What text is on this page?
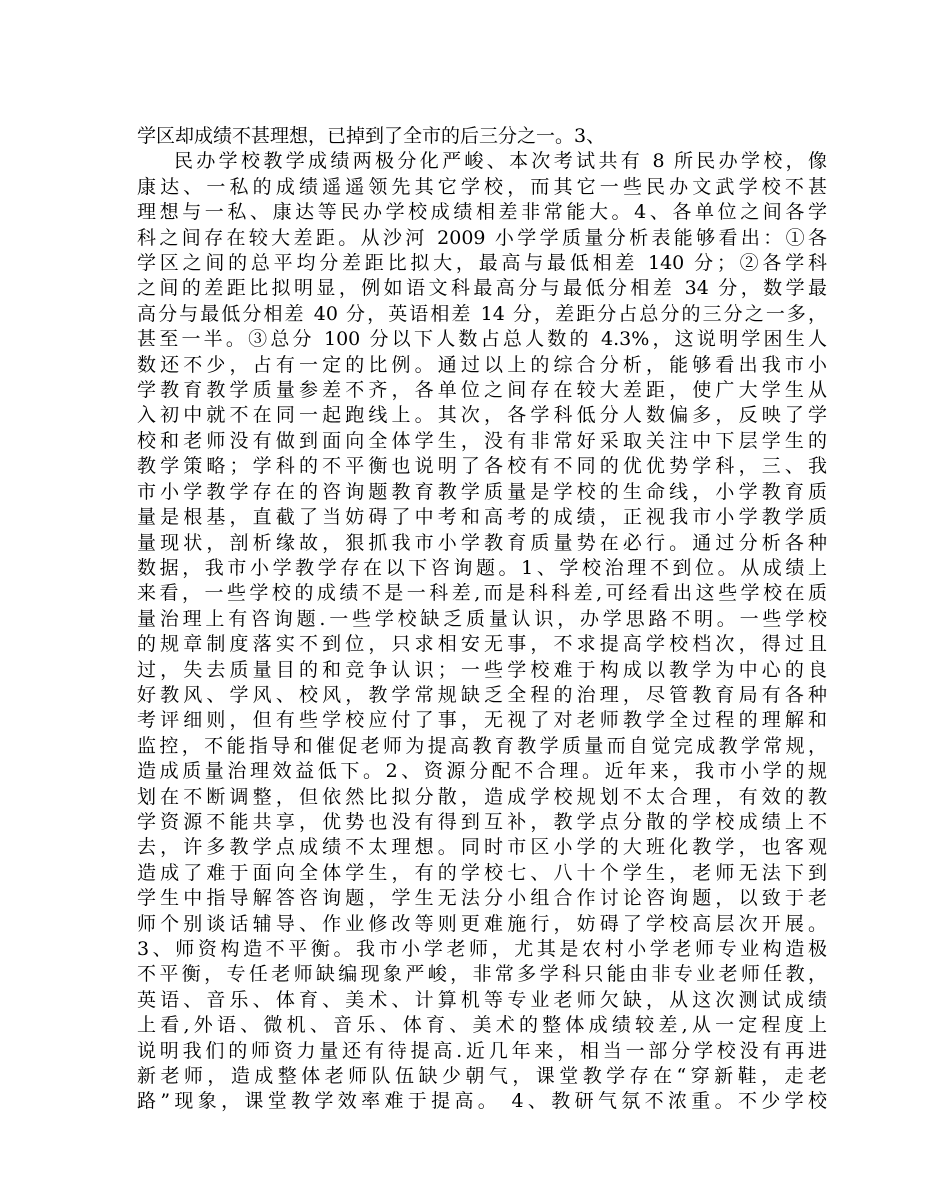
学区却成绩不甚理想，已掉到了全市的后三分之一。3、
民办学校教学成绩两极分化严峻、本次考试共有 8 所民办学校，像
康达、一私的成绩遥遥领先其它学校，而其它一些民办文武学校不甚
理想与一私、康达等民办学校成绩相差非常能大。4、各单位之间各学
科之间存在较大差距。从沙河 2009 小学学质量分析表能够看出：①各
学区之间的总平均分差距比拟大，最高与最低相差 140 分；②各学科
之间的差距比拟明显，例如语文科最高分与最低分相差 34 分，数学最
高分与最低分相差 40 分，英语相差 14 分，差距分占总分的三分之一多，
甚至一半。③总分 100 分以下人数占总人数的 4.3%，这说明学困生人
数还不少，占有一定的比例。通过以上的综合分析，能够看出我市小
学教育教学质量参差不齐，各单位之间存在较大差距，使广大学生从
入初中就不在同一起跑线上。其次，各学科低分人数偏多，反映了学
校和老师没有做到面向全体学生，没有非常好采取关注中下层学生的
教学策略；学科的不平衡也说明了各校有不同的优优势学科，三、我
市小学教学存在的咨询题教育教学质量是学校的生命线，小学教育质
量是根基，直截了当妨碍了中考和高考的成绩，正视我市小学教学质
量现状，剖析缘故，狠抓我市小学教育质量势在必行。通过分析各种
数据，我市小学教学存在以下咨询题。1、学校治理不到位。从成绩上
来看，一些学校的成绩不是一科差,而是科科差,可经看出这些学校在质
量治理上有咨询题.一些学校缺乏质量认识，办学思路不明。一些学校
的规章制度落实不到位，只求相安无事，不求提高学校档次，得过且
过，失去质量目的和竞争认识；一些学校难于构成以教学为中心的良
好教风、学风、校风，教学常规缺乏全程的治理，尽管教育局有各种
考评细则，但有些学校应付了事，无视了对老师教学全过程的理解和
监控，不能指导和催促老师为提高教育教学质量而自觉完成教学常规，
造成质量治理效益低下。2、资源分配不合理。近年来，我市小学的规
划在不断调整，但依然比拟分散，造成学校规划不太合理，有效的教
学资源不能共享，优势也没有得到互补，教学点分散的学校成绩上不
去，许多教学点成绩不太理想。同时市区小学的大班化教学，也客观
造成了难于面向全体学生，有的学校七、八十个学生，老师无法下到
学生中指导解答咨询题，学生无法分小组合作讨论咨询题，以致于老
师个别谈话辅导、作业修改等则更难施行，妨碍了学校高层次开展。
3、师资构造不平衡。我市小学老师，尤其是农村小学老师专业构造极
不平衡，专任老师缺编现象严峻，非常多学科只能由非专业老师任教，
英语、音乐、体育、美术、计算机等专业老师欠缺，从这次测试成绩
上看,外语、微机、音乐、体育、美术的整体成绩较差,从一定程度上
说明我们的师资力量还有待提高.近几年来，相当一部分学校没有再进
新老师，造成整体老师队伍缺少朝气，课堂教学存在“穿新鞋，走老
路”现象，课堂教学效率难于提高。 4、教研气氛不浓重。不少学校
